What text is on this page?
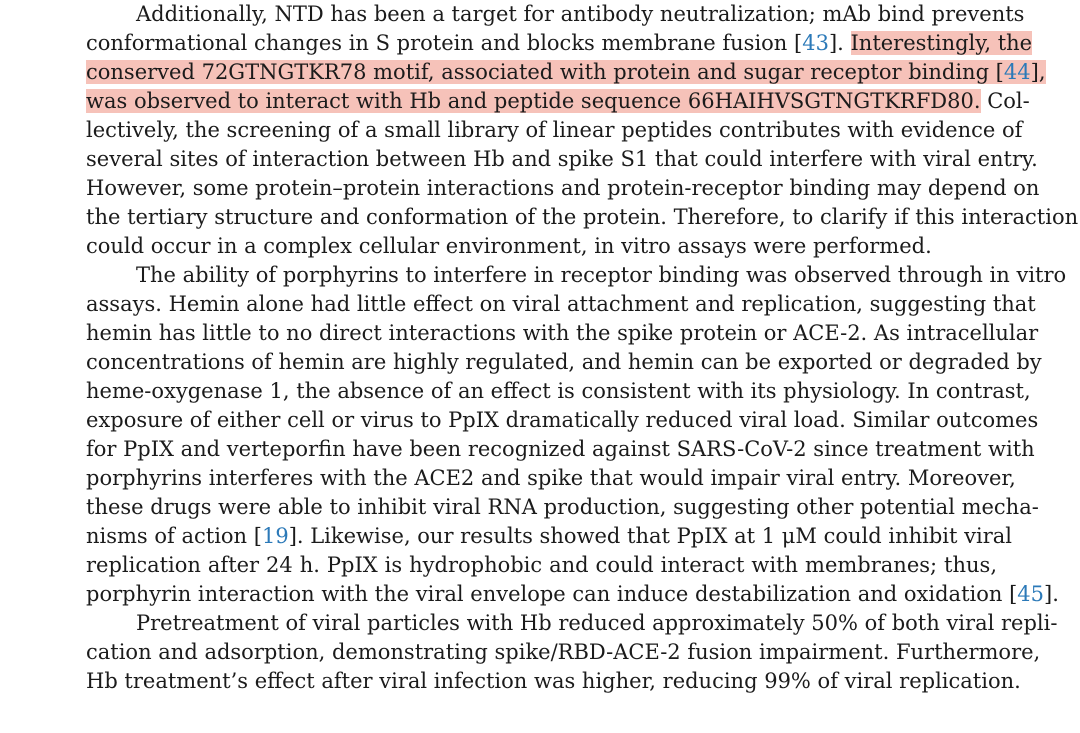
Additionally, NTD has been a target for antibody neutralization; mAb bind prevents
conformational changes in S protein and blocks membrane fusion [43]. Interestingly, the
conserved 72GTNGTKR78 motif, associated with protein and sugar receptor binding [44],
was observed to interact with Hb and peptide sequence 66HAIHVSGTNGTKRFD80. Col-
lectively, the screening of a small library of linear peptides contributes with evidence of
several sites of interaction between Hb and spike S1 that could interfere with viral entry.
However, some protein–protein interactions and protein-receptor binding may depend on
the tertiary structure and conformation of the protein. Therefore, to clarify if this interaction
could occur in a complex cellular environment, in vitro assays were performed.
The ability of porphyrins to interfere in receptor binding was observed through in vitro
assays. Hemin alone had little effect on viral attachment and replication, suggesting that
hemin has little to no direct interactions with the spike protein or ACE-2. As intracellular
concentrations of hemin are highly regulated, and hemin can be exported or degraded by
heme-oxygenase 1, the absence of an effect is consistent with its physiology. In contrast,
exposure of either cell or virus to PpIX dramatically reduced viral load. Similar outcomes
for PpIX and verteporfin have been recognized against SARS-CoV-2 since treatment with
porphyrins interferes with the ACE2 and spike that would impair viral entry. Moreover,
these drugs were able to inhibit viral RNA production, suggesting other potential mecha-
nisms of action [19]. Likewise, our results showed that PpIX at 1 μM could inhibit viral
replication after 24 h. PpIX is hydrophobic and could interact with membranes; thus,
porphyrin interaction with the viral envelope can induce destabilization and oxidation [45].
Pretreatment of viral particles with Hb reduced approximately 50% of both viral repli-
cation and adsorption, demonstrating spike/RBD-ACE-2 fusion impairment. Furthermore,
Hb treatment’s effect after viral infection was higher, reducing 99% of viral replication.
